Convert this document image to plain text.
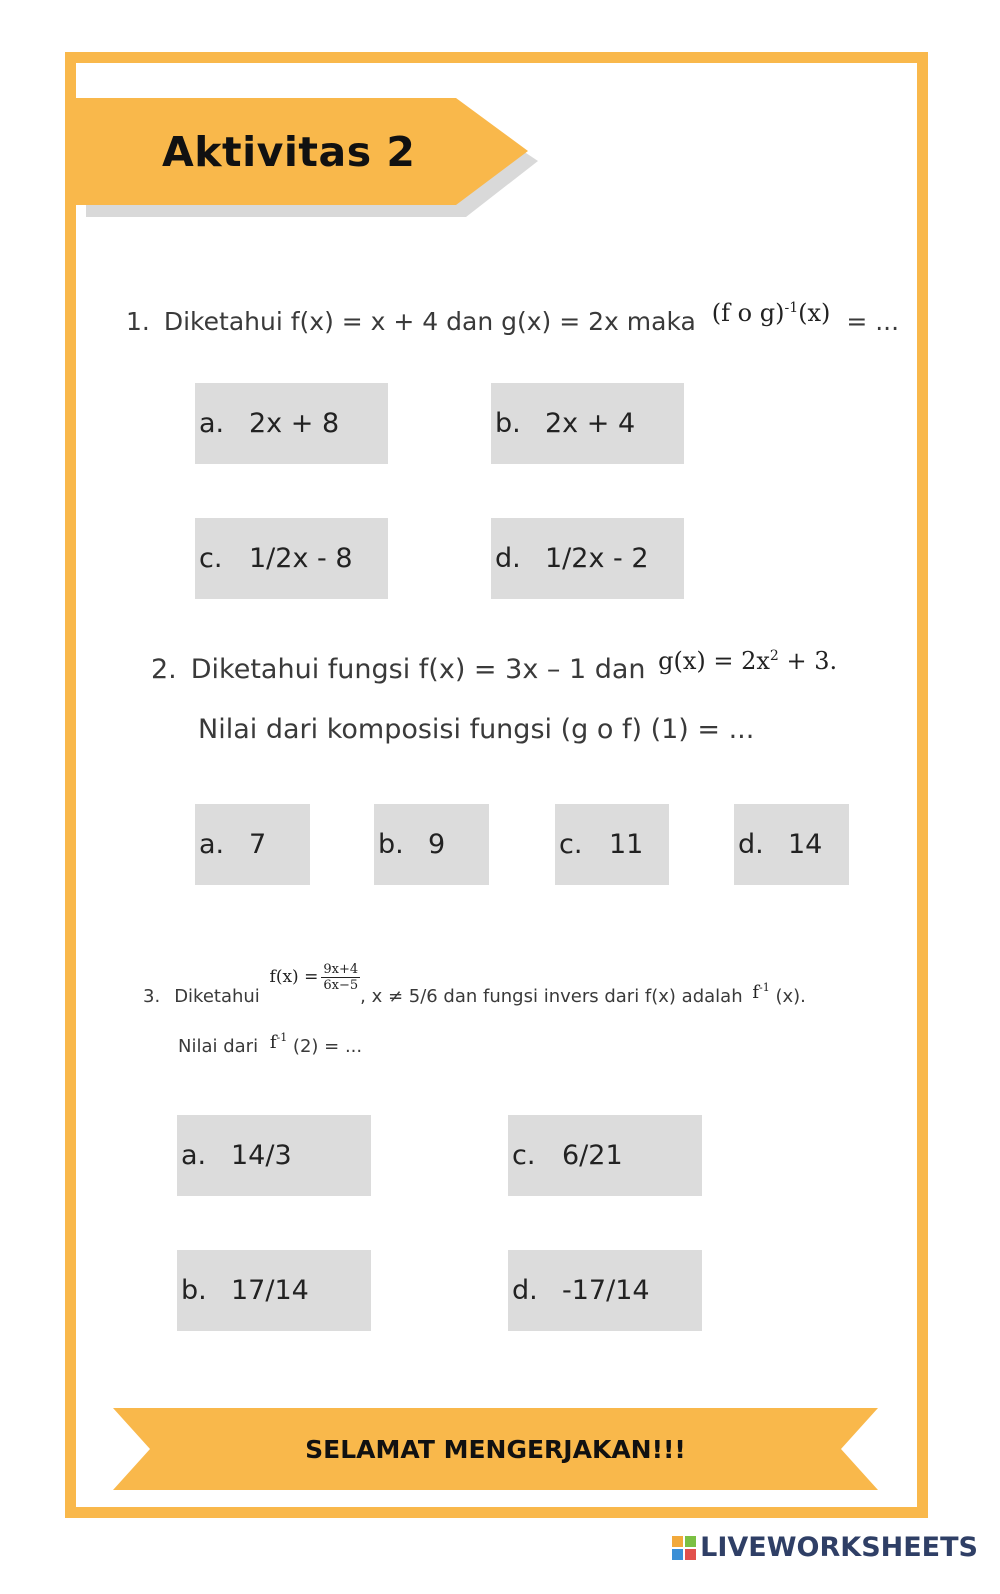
Aktivitas 2
1. Diketahui f(x) = x + 4 dan g(x) = 2x maka (f o g)$^{-1}$(x) = ...
a. 2x + 8	b. 2x + 4
c. 1/2x - 8	d. 1/2x - 2
2. Diketahui fungsi f(x) = 3x – 1 dan $g(x) = 2x^2 + 3$.
Nilai dari komposisi fungsi (g o f) (1) = ...
a. 7	b. 9	c. 11	d. 14
3. Diketahui $f(x) = \frac{9x+4}{6x-5}$
, x ≠ 5/6 dan fungsi invers dari f(x) adalah $f^{-1}$ (x).
Nilai dari $f^{-1}$ (2) = ...
a. 14/3	c. 6/21
b. 17/14	d. -17/14
SELAMAT MENGERJAKAN!!!
LIVEWORKSHEETS
